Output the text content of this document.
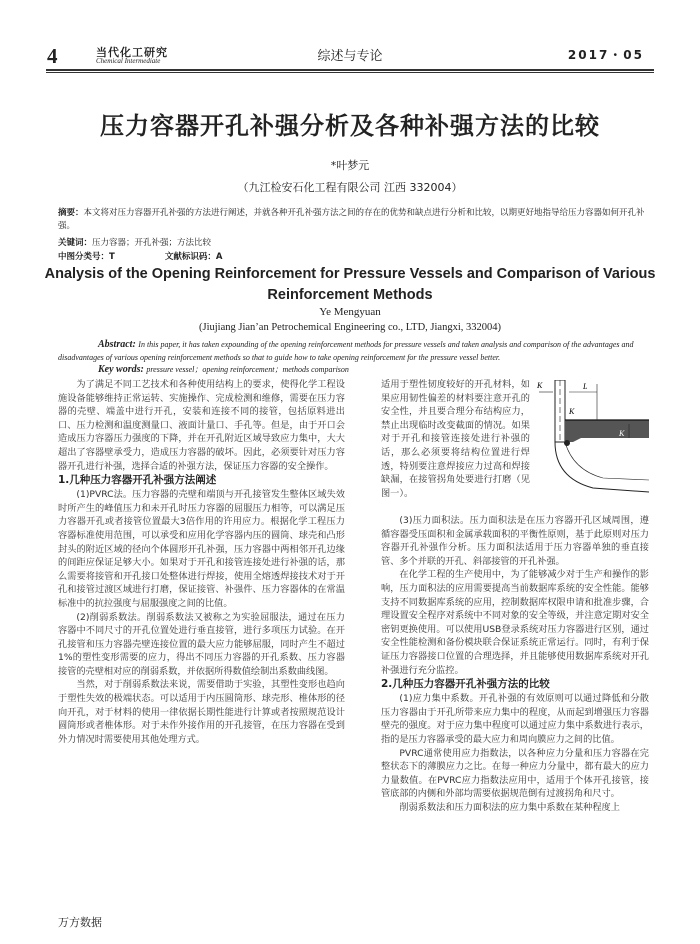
4	当代化工研究
Chemical Intermediate	综述与专论	2017・05
压力容器开孔补强分析及各种补强方法的比较
*叶梦元
（九江检安石化工程有限公司 江西 332004）
摘要：本文将对压力容器开孔补强的方法进行阐述，并就各种开孔补强方法之间的存在的优势和缺点进行分析和比较，以期更好地指导给压力容器如何开孔补强。
关键词：压力容器；开孔补强；方法比较
中图分类号：T	文献标识码：A
Analysis of the Opening Reinforcement for Pressure Vessels and Comparison of Various Reinforcement Methods
Ye Mengyuan
(Jiujiang Jian’an Petrochemical Engineering co., LTD, Jiangxi, 332004)
Abstract: In this paper, it has taken expounding of the opening reinforcement methods for pressure vessels and taken analysis and comparison of the advantages and disadvantages of various opening reinforcement methods so that to guide how to take opening reinforcement for the pressure vessel better.
Key words: pressure vessel；opening reinforcement；methods comparison

为了满足不同工艺技术和各种使用结构上的要求，使得化学工程设施设备能够维持正常运转、实施操作、完成检测和维修，需要在压力容器的壳壁、端盖中进行开孔，安装和连接不同的接管，包括原料进出口、压力检测和温度测量口、液面计量口、手孔等。但是，由于开口会造成压力容器压力强度的下降，并在开孔附近区域导致应力集中，大大超出了容器壁承受力，造成压力容器的破坏。因此，必须要针对压力容器开孔进行补强，选择合适的补强方法，保证压力容器的安全操作。

1.几种压力容器开孔补强方法阐述

(1)PVRC法。压力容器的壳壁和端顶与开孔接管发生整体区域失效时所产生的峰值压力和未开孔时压力容器的屈服压力相等，可以满足压力容器开孔或者接管位置最大3倍作用的许用应力。根据化学工程压力容器标准使用范围，可以承受和应用化学容器内压的圆筒、球壳和凸形封头的附近区域的径向个体圆形开孔补强，压力容器中两相邻开孔边缘的间距应保证足够大小。如果对于开孔和接管连接处进行补强的话，那么需要将接管和开孔接口处整体进行焊接，使用全熔透焊接技术对于开孔和接管过渡区域进行打磨，保证接管、补强件、压力容器体的在常温标准中的抗拉强度与屈服强度之间的比值。

(2)削弱系数法。削弱系数法又被称之为实验屈服法，通过在压力容器中不同尺寸的开孔位置处进行垂直接管，进行多项压力试验。在开孔接管和压力容器壳壁连接位置的最大应力能够屈服，同时产生不超过1%的塑性变形需要的应力，得出不同压力容器的开孔系数、压力容器接管的壳壁相对应的削弱系数，并依据所得数值绘制出系数曲线图。

当然，对于削弱系数法来说，需要借助于实验，其塑性变形也趋向于塑性失效的极端状态。可以适用于内压圆筒形、球壳形、椎体形的径向开孔，对于材料的使用一律依据长期性能进行计算或者按照规范设计圆筒形或者椎体形。对于未作外接作用的开孔接管，在压力容器在受到外力情况时需要使用其他处理方式。

适用于塑性韧度较好的开孔材料，如果应用韧性偏差的材料要注意开孔的安全性，并且要合理分布结构应力，禁止出现临时改变截面的情况。如果对于开孔和接管连接处进行补强的话，那么必须要将结构位置进行焊透，特别要注意焊接应力过高和焊接缺漏，在接管拐角处要进行打磨（见图一）。

K	L
K
K

(3)压力面积法。压力面积法是在压力容器开孔区域周围，遵循容器受压面积和金属承载面积的平衡性原则，基于此原则对压力容器开孔补强作分析。压力面积法适用于压力容器单独的垂直接管、多个并联的开孔、斜部接管的开孔补强。

在化学工程的生产使用中，为了能够减少对于生产和操作的影响，压力面积法的应用需要提高当前数据库系统的安全性能。能够支持不同数据库系统的应用，控制数据库权限申请和批准步骤，合理设置安全程序对系统中不同对象的安全等级，并注意定期对安全密钥更换使用。可以使用USB登录系统对压力容器进行区别，通过安全性能检测和备份模块联合保证系统正常运行。同时，有利于保证压力容器接口位置的合理选择，并且能够使用数据库系统对开孔补强进行充分监控。

2.几种压力容器开孔补强方法的比较

(1)应力集中系数。开孔补强的有效原则可以通过降低和分散压力容器由于开孔所带来应力集中的程度，从而起到增强压力容器壁壳的强度。对于应力集中程度可以通过应力集中系数进行表示，指的是压力容器承受的最大应力和周向膜应力之间的比值。

PVRC通常使用应力指数法，以各种应力分量和压力容器在完整状态下的薄膜应力之比。在每一种应力分量中，都有最大的应力力量数值。在PVRC应力指数法应用中，适用于个体开孔接管，接管底部的内侧和外部均需要依据规范倒有过渡拐角和尺寸。

削弱系数法和压力面积法的应力集中系数在某种程度上

万方数据
